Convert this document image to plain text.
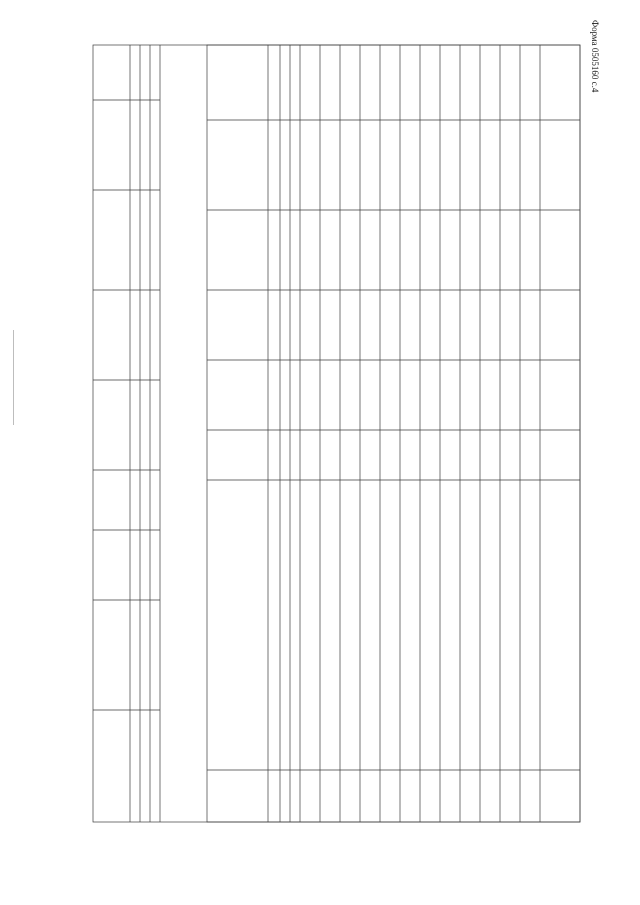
Форма 0505160 с.4
